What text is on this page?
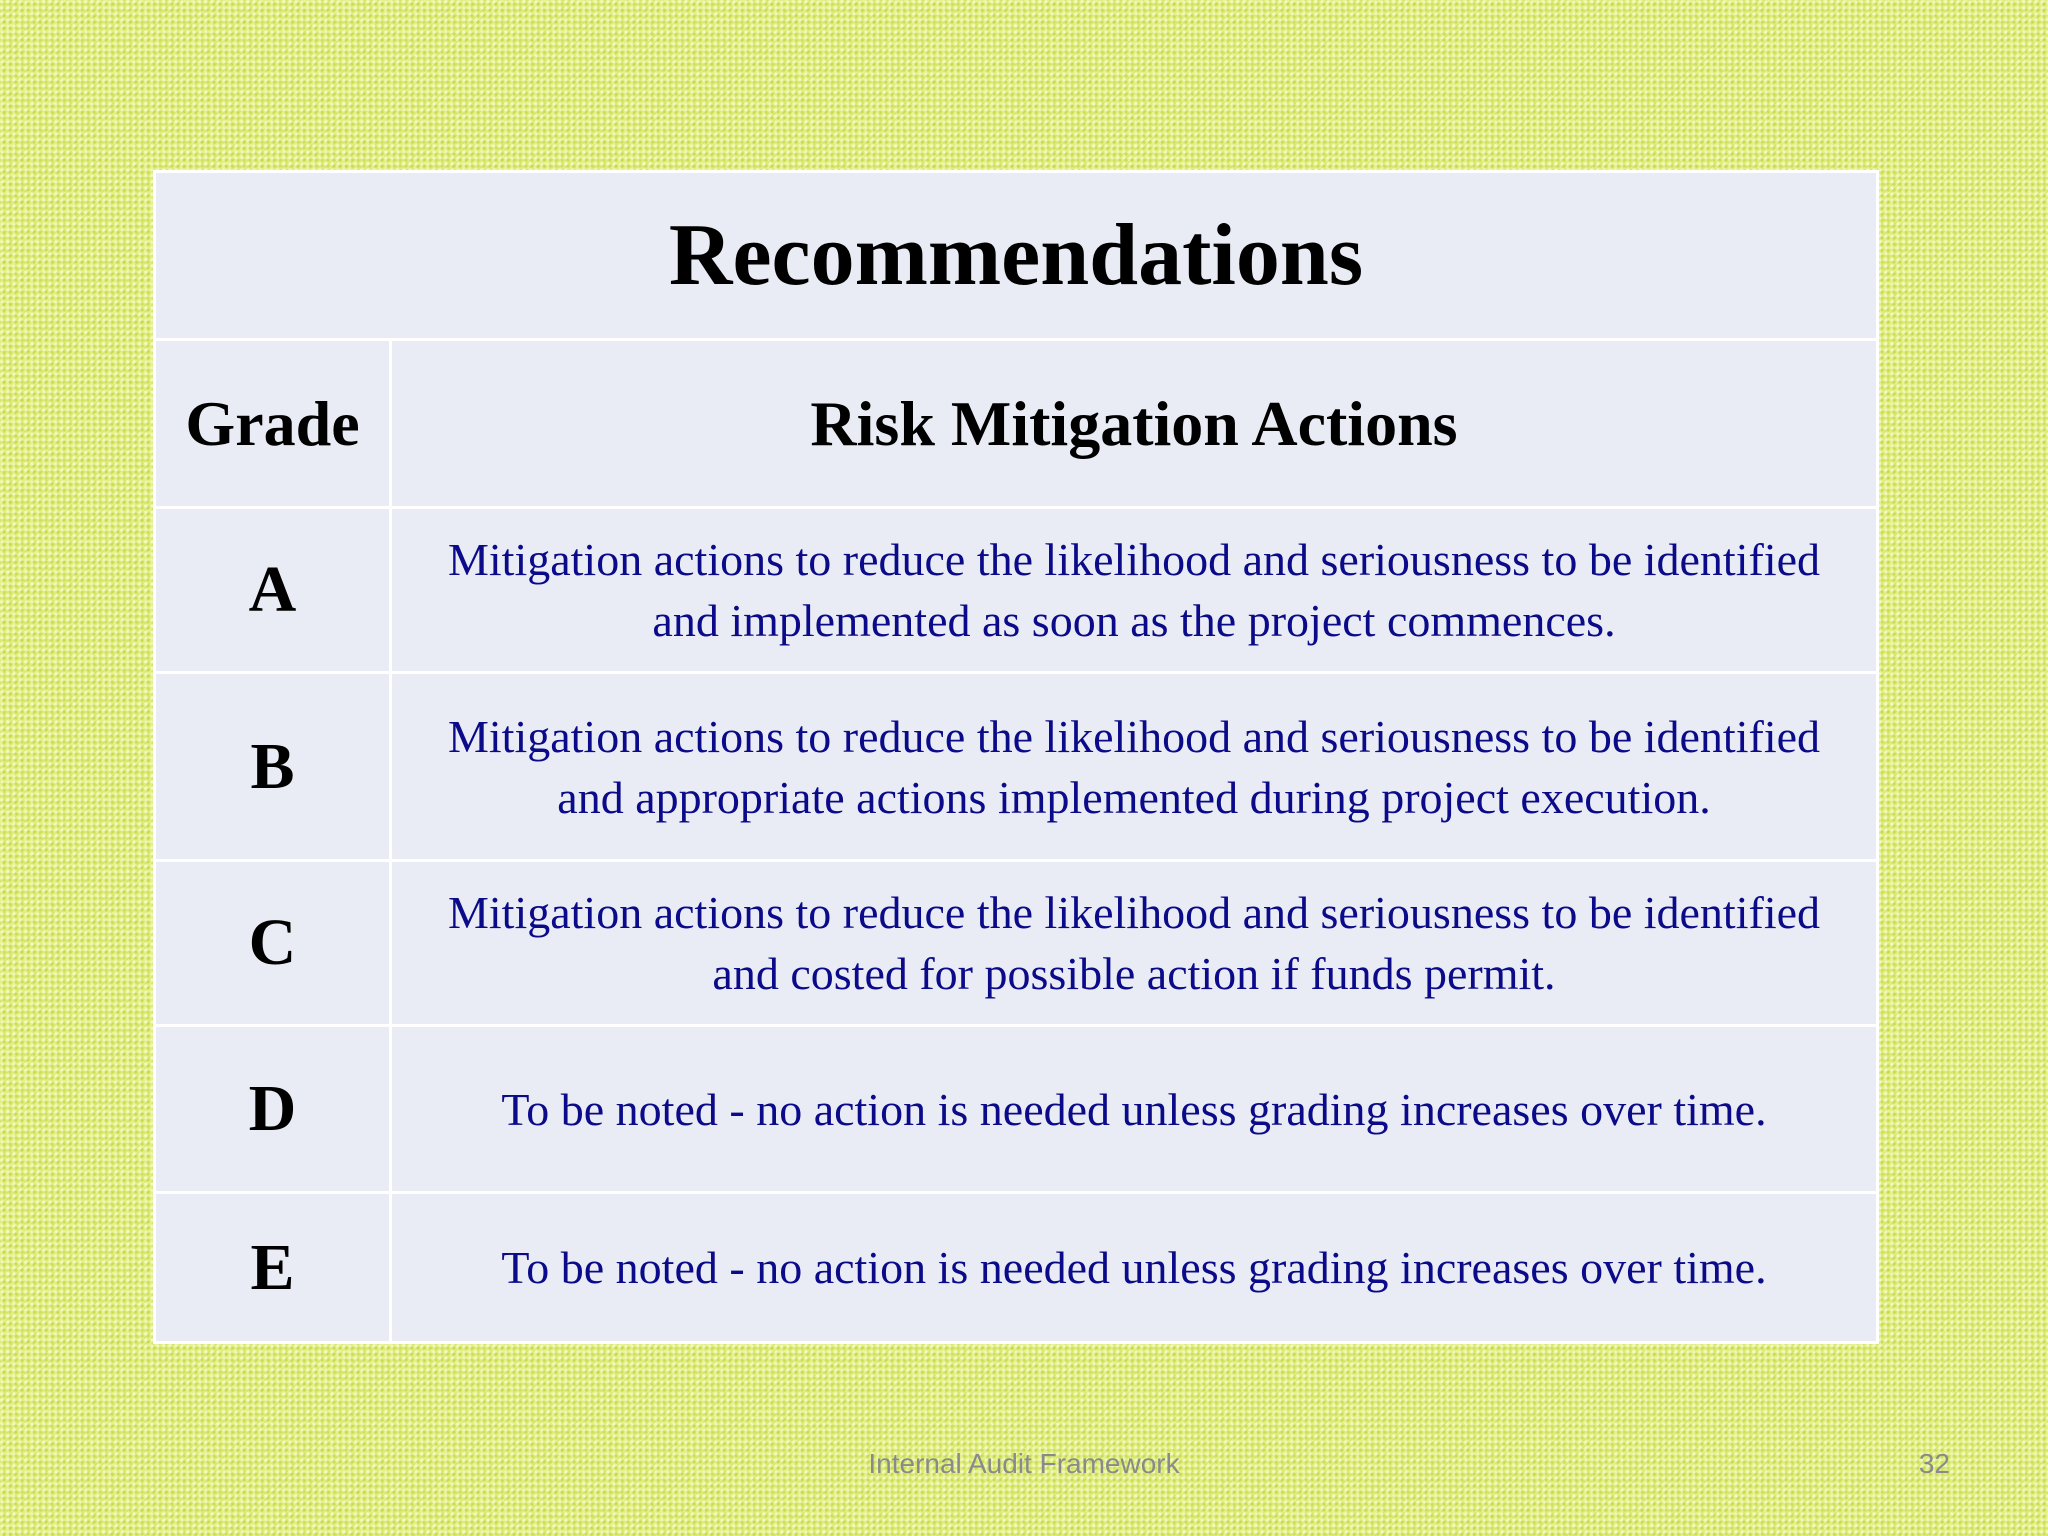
Recommendations	
Grade	Risk Mitigation Actions
A	Mitigation actions to reduce the likelihood and seriousness to be identified and implemented as soon as the project commences.
B	Mitigation actions to reduce the likelihood and seriousness to be identified and appropriate actions implemented during project execution.
C	Mitigation actions to reduce the likelihood and seriousness to be identified and costed for possible action if funds permit.
D	To be noted - no action is needed unless grading increases over time.
E	To be noted - no action is needed unless grading increases over time.
Internal Audit Framework	32
